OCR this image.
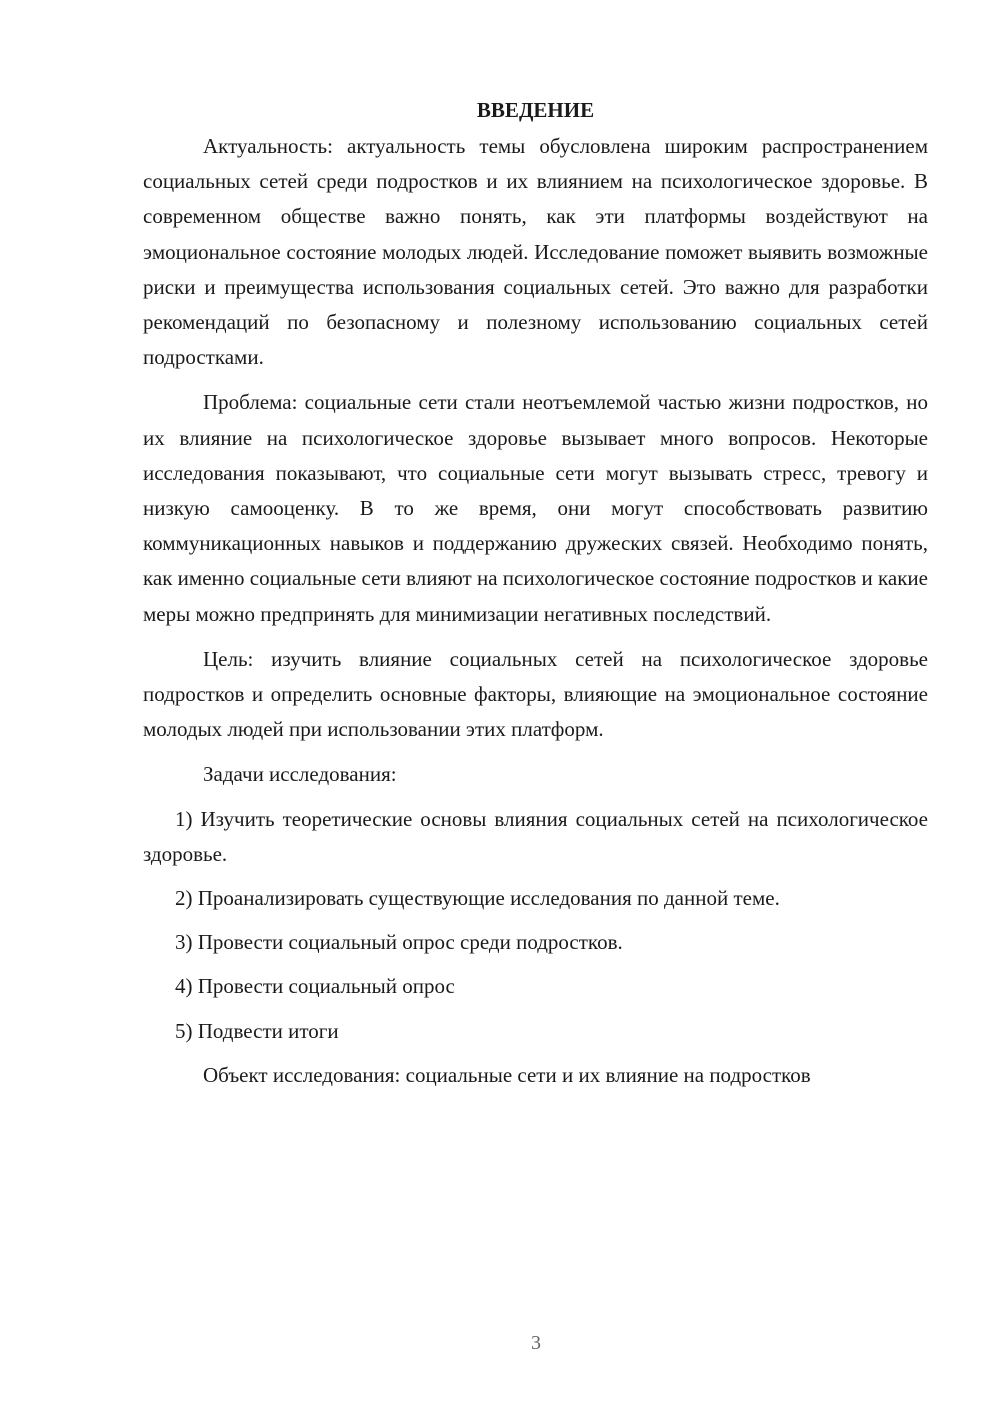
ВВЕДЕНИЕ

Актуальность: актуальность темы обусловлена широким распространением социальных сетей среди подростков и их влиянием на психологическое здоровье. В современном обществе важно понять, как эти платформы воздействуют на эмоциональное состояние молодых людей. Исследование поможет выявить возможные риски и преимущества использования социальных сетей. Это важно для разработки рекомендаций по безопасному и полезному использованию социальных сетей подростками.

Проблема: социальные сети стали неотъемлемой частью жизни подростков, но их влияние на психологическое здоровье вызывает много вопросов. Некоторые исследования показывают, что социальные сети могут вызывать стресс, тревогу и низкую самооценку. В то же время, они могут способствовать развитию коммуникационных навыков и поддержанию дружеских связей. Необходимо понять, как именно социальные сети влияют на психологическое состояние подростков и какие меры можно предпринять для минимизации негативных последствий.

Цель: изучить влияние социальных сетей на психологическое здоровье подростков и определить основные факторы, влияющие на эмоциональное состояние молодых людей при использовании этих платформ.

Задачи исследования:

1) Изучить теоретические основы влияния социальных сетей на психологическое здоровье.

2) Проанализировать существующие исследования по данной теме.

3) Провести социальный опрос среди подростков.

4) Провести социальный опрос

5) Подвести итоги

Объект исследования: социальные сети и их влияние на подростков

3
